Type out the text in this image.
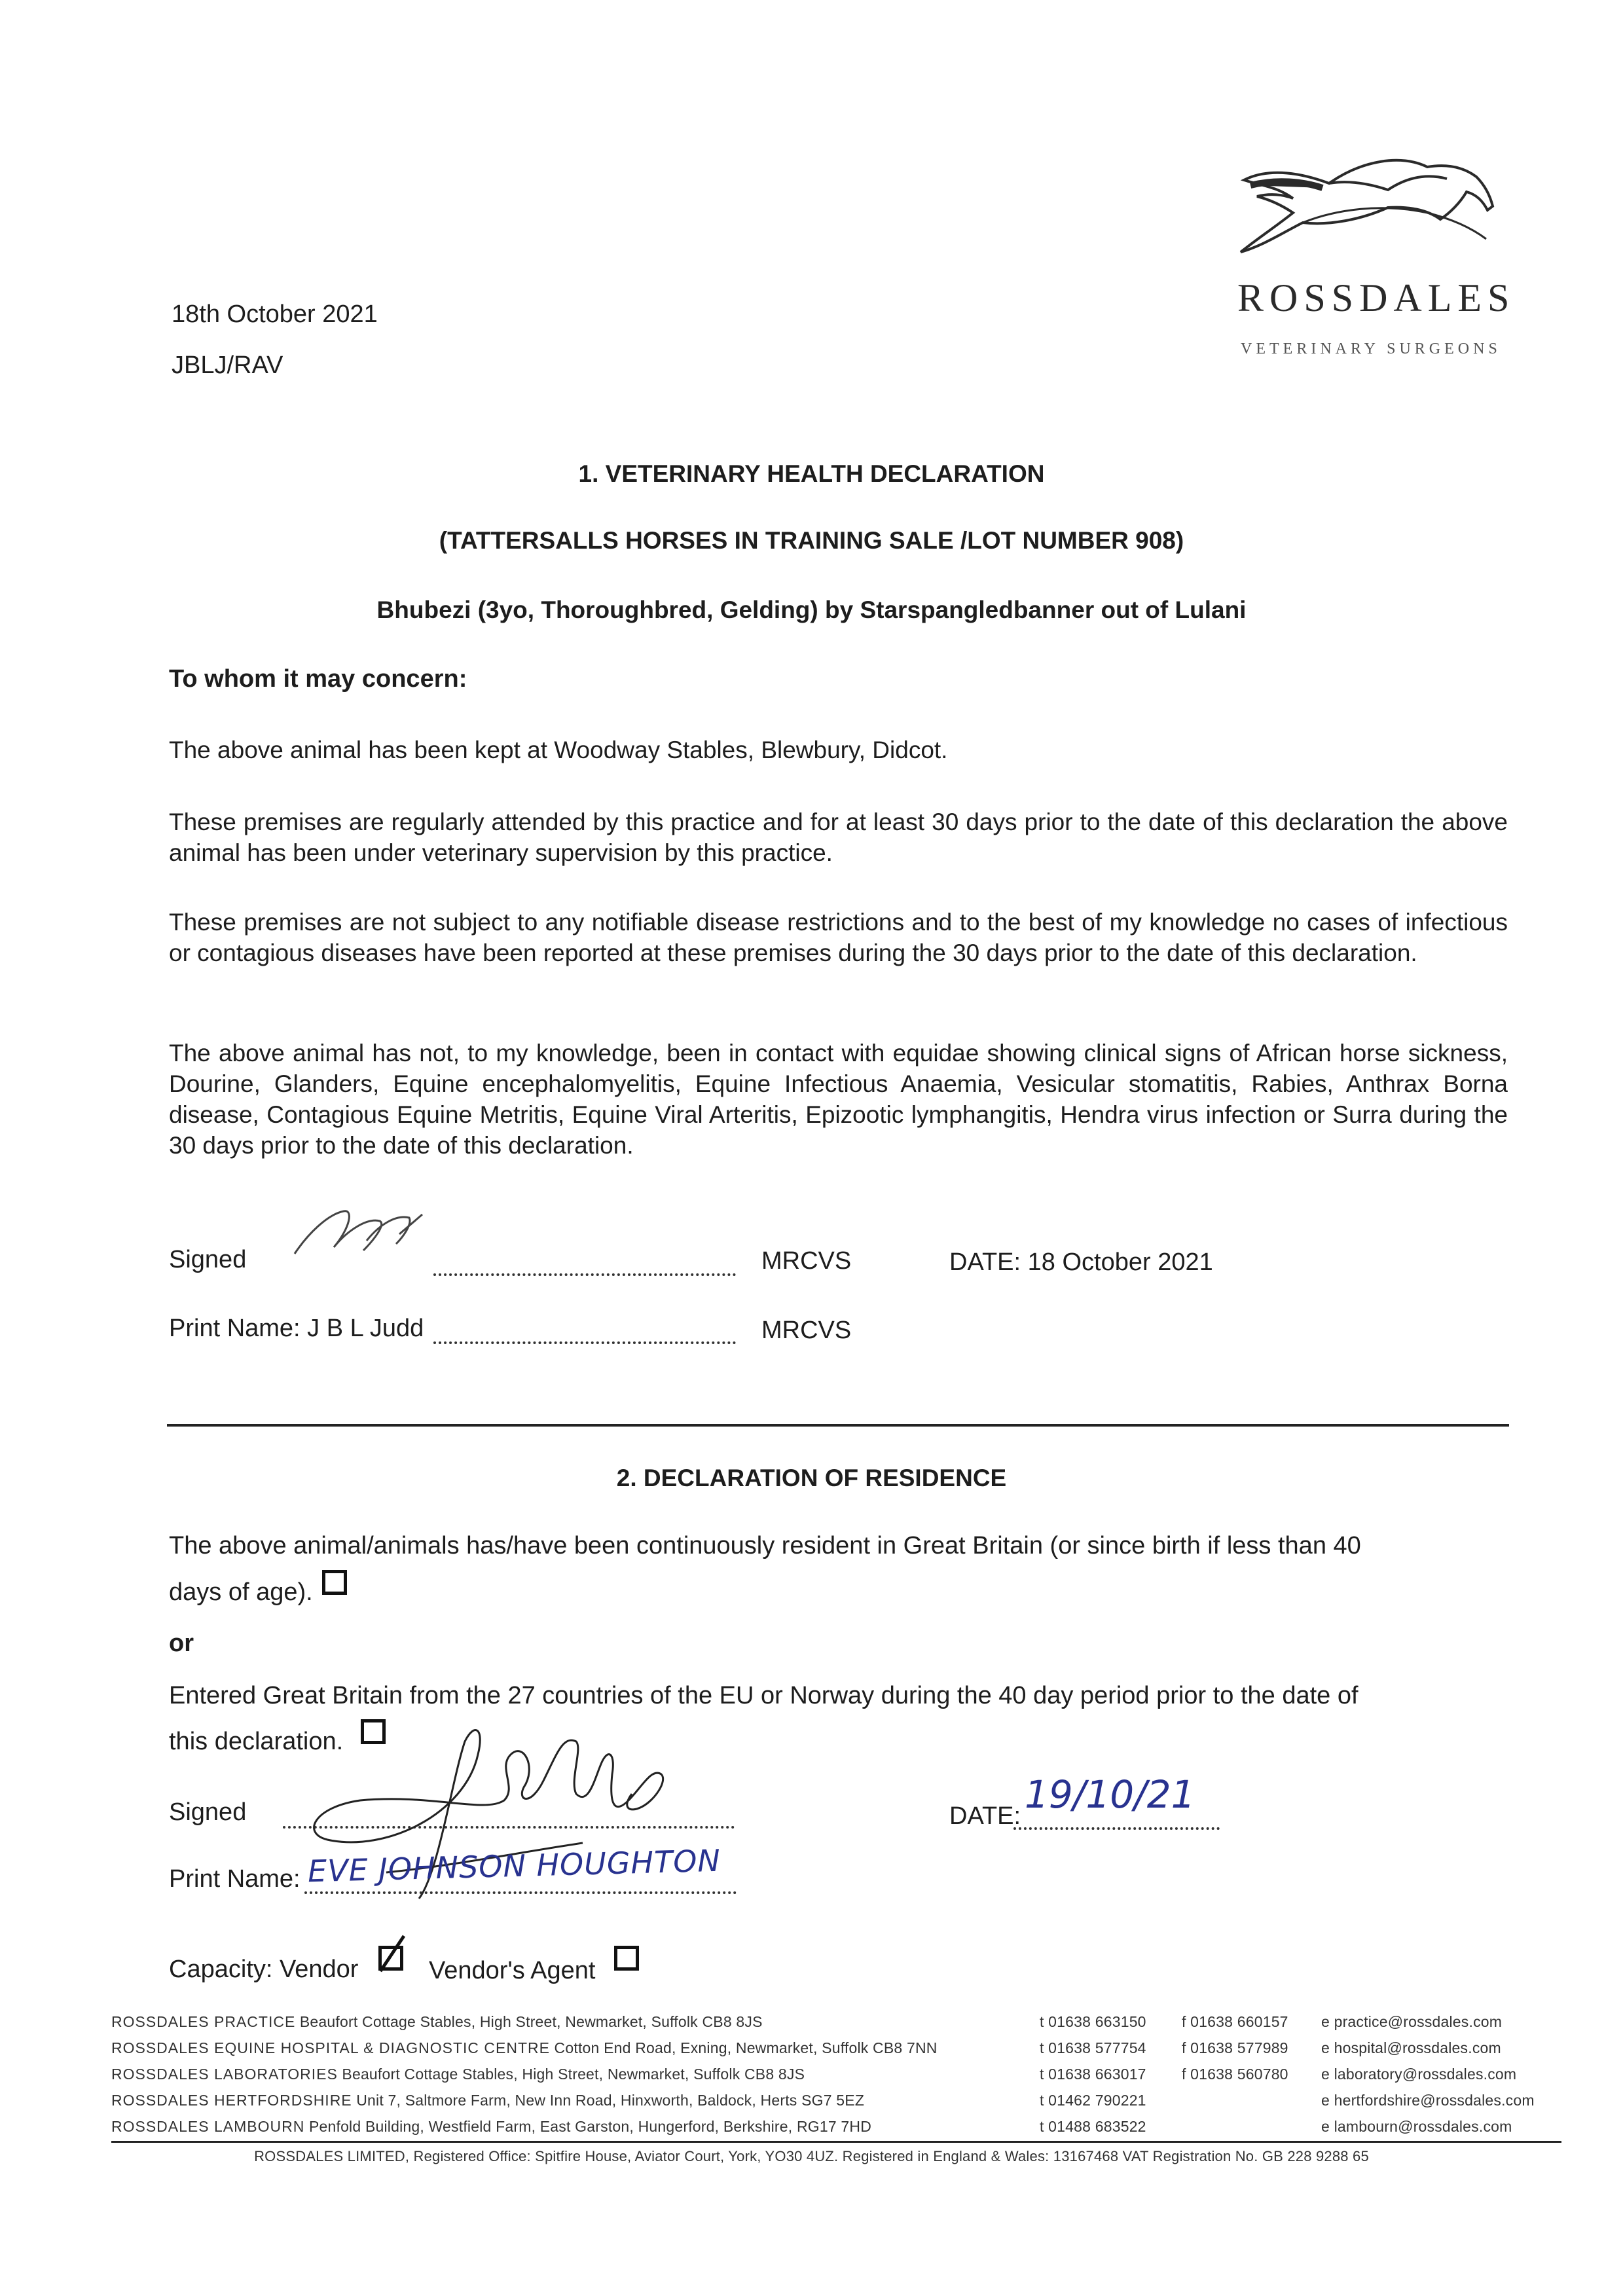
ROSSDALES
VETERINARY SURGEONS
18th October 2021
JBLJ/RAV
1. VETERINARY HEALTH DECLARATION
(TATTERSALLS HORSES IN TRAINING SALE /LOT NUMBER 908)
Bhubezi (3yo, Thoroughbred, Gelding) by Starspangledbanner out of Lulani
To whom it may concern:
The above animal has been kept at Woodway Stables, Blewbury, Didcot.
These premises are regularly attended by this practice and for at least 30 days prior to the date of this declaration the above animal has been under veterinary supervision by this practice.
These premises are not subject to any notifiable disease restrictions and to the best of my knowledge no cases of infectious or contagious diseases have been reported at these premises during the 30 days prior to the date of this declaration.
The above animal has not, to my knowledge, been in contact with equidae showing clinical signs of African horse sickness, Dourine, Glanders, Equine encephalomyelitis, Equine Infectious Anaemia, Vesicular stomatitis, Rabies, Anthrax Borna disease, Contagious Equine Metritis, Equine Viral Arteritis, Epizootic lymphangitis, Hendra virus infection or Surra during the 30 days prior to the date of this declaration.
Signed	MRCVS	DATE: 18 October 2021
Print Name: J B L Judd	MRCVS
2. DECLARATION OF RESIDENCE
The above animal/animals has/have been continuously resident in Great Britain (or since birth if less than 40
days of age).
or
Entered Great Britain from the 27 countries of the EU or Norway during the 40 day period prior to the date of
this declaration.
Signed	DATE: 19/10/21
Print Name: EVE JOHNSON HOUGHTON
Capacity: Vendor	Vendor's Agent
ROSSDALES PRACTICE Beaufort Cottage Stables, High Street, Newmarket, Suffolk CB8 8JS	t 01638 663150 f 01638 660157 e practice@rossdales.com
ROSSDALES EQUINE HOSPITAL & DIAGNOSTIC CENTRE Cotton End Road, Exning, Newmarket, Suffolk CB8 7NN	t 01638 577754 f 01638 577989 e hospital@rossdales.com
ROSSDALES LABORATORIES Beaufort Cottage Stables, High Street, Newmarket, Suffolk CB8 8JS	t 01638 663017 f 01638 560780 e laboratory@rossdales.com
ROSSDALES HERTFORDSHIRE Unit 7, Saltmore Farm, New Inn Road, Hinxworth, Baldock, Herts SG7 5EZ	t 01462 790221	e hertfordshire@rossdales.com
ROSSDALES LAMBOURN Penfold Building, Westfield Farm, East Garston, Hungerford, Berkshire, RG17 7HD	t 01488 683522	e lambourn@rossdales.com
ROSSDALES LIMITED, Registered Office: Spitfire House, Aviator Court, York, YO30 4UZ. Registered in England & Wales: 13167468 VAT Registration No. GB 228 9288 65
